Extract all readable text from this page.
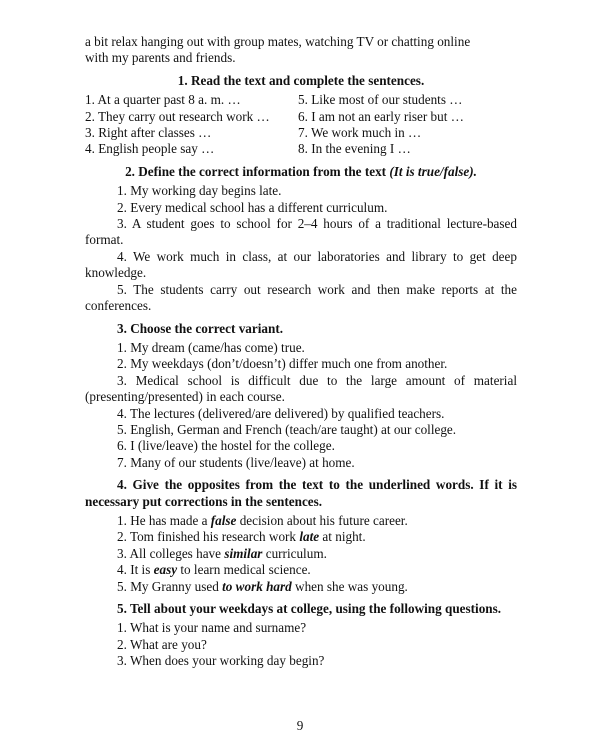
a bit relax hanging out with group mates, watching TV or chatting online

with my parents and friends.

1. Read the text and complete the sentences.

1. At a quarter past 8 a. m. …	5. Like most of our students …
2. They carry out research work …	6. I am not an early riser but …
3. Right after classes …	7. We work much in …
4. English people say …	8. In the evening I …

2. Define the correct information from the text (It is true/false).

1. My working day begins late.

2. Every medical school has a different curriculum.

3. A student goes to school for 2–4 hours of a traditional lecture-based format.

4. We work much in class, at our laboratories and library to get deep knowledge.

5. The students carry out research work and then make reports at the conferences.

3. Choose the correct variant.

1. My dream (came/has come) true.

2. My weekdays (don’t/doesn’t) differ much one from another.

3. Medical school is difficult due to the large amount of material (presenting/presented) in each course.

4. The lectures (delivered/are delivered) by qualified teachers.

5. English, German and French (teach/are taught) at our college.

6. I (live/leave) the hostel for the college.

7. Many of our students (live/leave) at home.

4. Give the opposites from the text to the underlined words. If it is necessary put corrections in the sentences.

1. He has made a false decision about his future career.

2. Tom finished his research work late at night.

3. All colleges have similar curriculum.

4. It is easy to learn medical science.

5. My Granny used to work hard when she was young.

5. Tell about your weekdays at college, using the following questions.

1. What is your name and surname?

2. What are you?

3. When does your working day begin?

9
